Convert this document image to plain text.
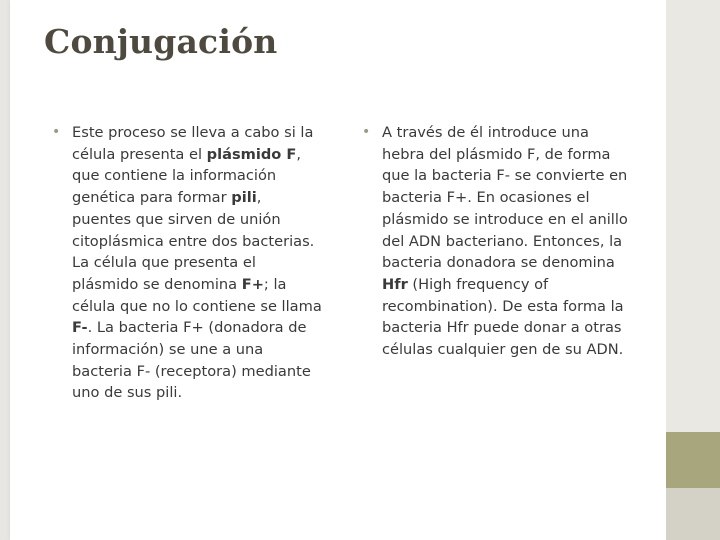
Conjugación
• Este proceso se lleva a cabo si la célula presenta el plásmido F, que contiene la información genética para formar pili, puentes que sirven de unión citoplásmica entre dos bacterias. La célula que presenta el plásmido se denomina F+; la célula que no lo contiene se llama F-. La bacteria F+ (donadora de información) se une a una bacteria F- (receptora) mediante uno de sus pili.
• A través de él introduce una hebra del plásmido F, de forma que la bacteria F- se convierte en bacteria F+. En ocasiones el plásmido se introduce en el anillo del ADN bacteriano. Entonces, la bacteria donadora se denomina Hfr (High frequency of recombination). De esta forma la bacteria Hfr puede donar a otras células cualquier gen de su ADN.
